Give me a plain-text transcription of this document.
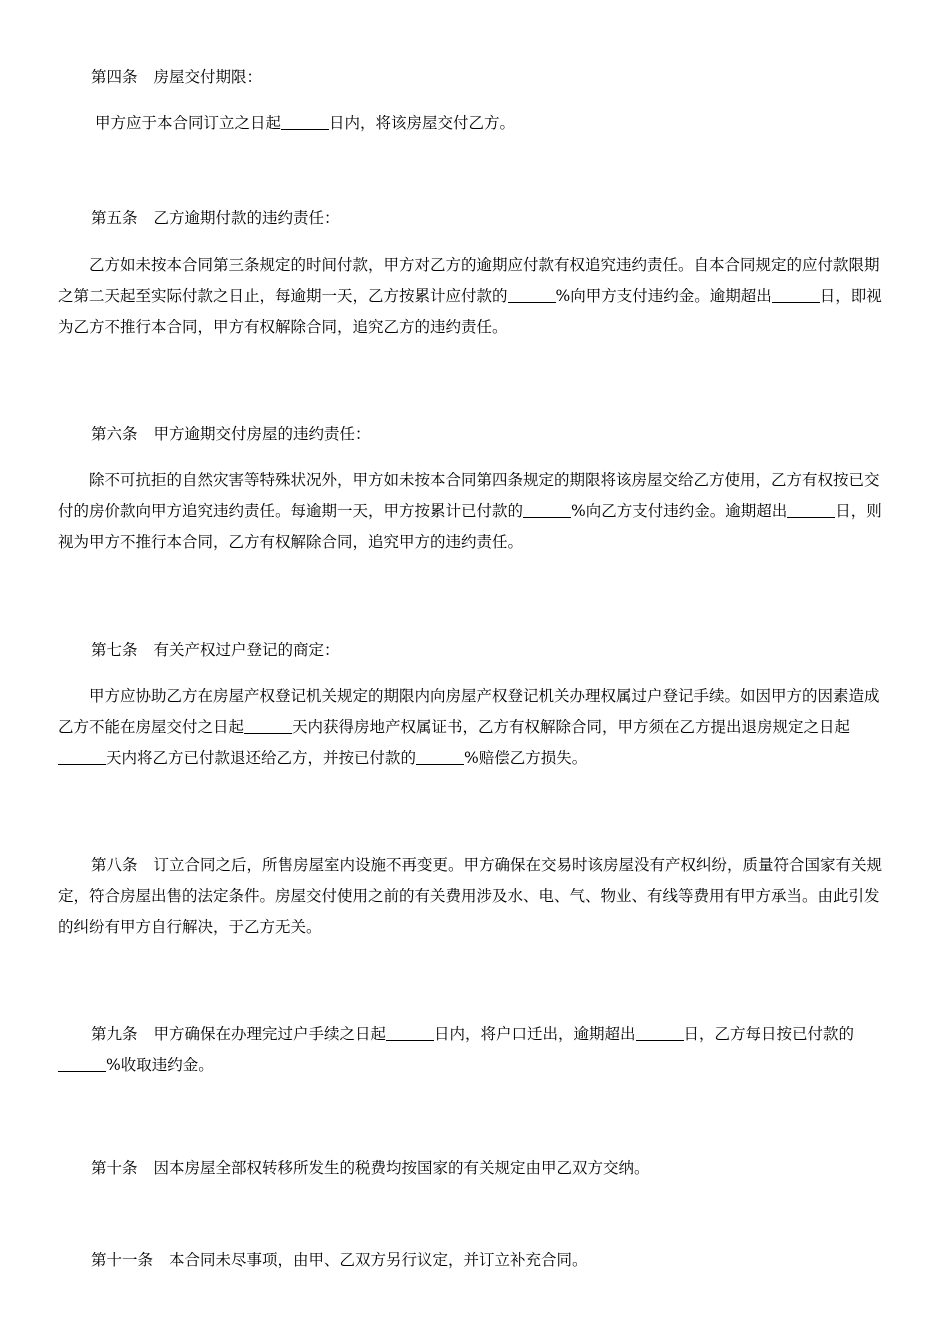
第四条 房屋交付期限：

甲方应于本合同订立之日起	日内，将该房屋交付乙方。

第五条 乙方逾期付款的违约责任：

乙方如未按本合同第三条规定的时间付款，甲方对乙方的逾期应付款有权追究违约责任。自本合同规定的应付款限期之第二天起至实际付款之日止，每逾期一天，乙方按累计应付款的	%向甲方支付违约金。逾期超出	日，即视为乙方不推行本合同，甲方有权解除合同，追究乙方的违约责任。

第六条 甲方逾期交付房屋的违约责任：

除不可抗拒的自然灾害等特殊状况外，甲方如未按本合同第四条规定的期限将该房屋交给乙方使用，乙方有权按已交付的房价款向甲方追究违约责任。每逾期一天，甲方按累计已付款的	%向乙方支付违约金。逾期超出	日，则视为甲方不推行本合同，乙方有权解除合同，追究甲方的违约责任。

第七条 有关产权过户登记的商定：

甲方应协助乙方在房屋产权登记机关规定的期限内向房屋产权登记机关办理权属过户登记手续。如因甲方的因素造成乙方不能在房屋交付之日起	天内获得房地产权属证书，乙方有权解除合同，甲方须在乙方提出退房规定之日起天内将乙方已付款退还给乙方，并按已付款的	%赔偿乙方损失。

第八条 订立合同之后，所售房屋室内设施不再变更。甲方确保在交易时该房屋没有产权纠纷，质量符合国家有关规定，符合房屋出售的法定条件。房屋交付使用之前的有关费用涉及水、电、气、物业、有线等费用有甲方承当。由此引发的纠纷有甲方自行解决，于乙方无关。

第九条 甲方确保在办理完过户手续之日起	日内，将户口迁出，逾期超出	日，乙方每日按已付款的%收取违约金。

第十条 因本房屋全部权转移所发生的税费均按国家的有关规定由甲乙双方交纳。

第十一条 本合同未尽事项，由甲、乙双方另行议定，并订立补充合同。
